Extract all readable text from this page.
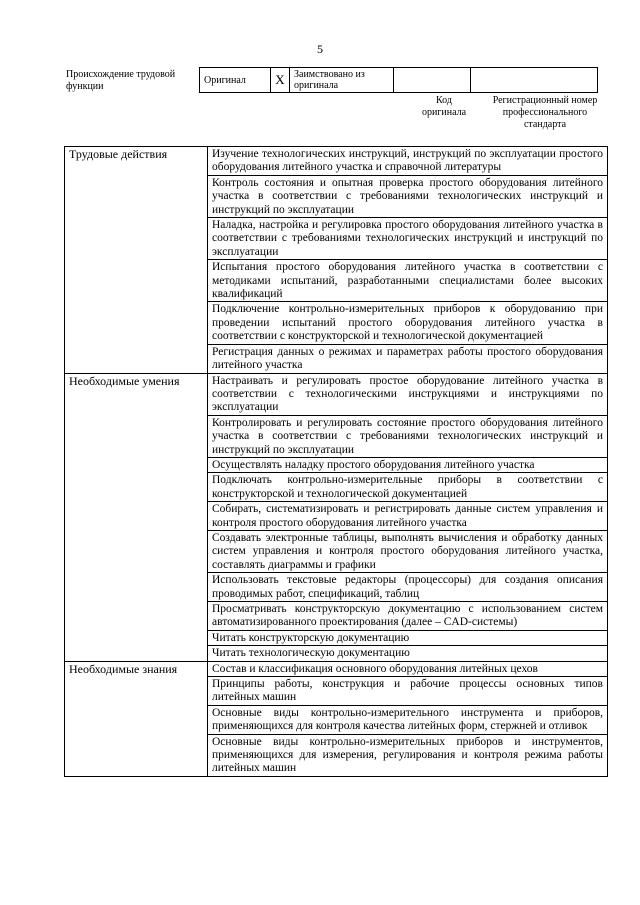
5
Происхождение трудовой функции
Оригинал	X	Заимствовано из оригинала		
Код оригинала
Регистрационный номер профессионального стандарта
Трудовые действия	Изучение технологических инструкций, инструкций по эксплуатации простого оборудования литейного участка и справочной литературы
	Контроль состояния и опытная проверка простого оборудования литейного участка в соответствии с требованиями технологических инструкций и инструкций по эксплуатации
	Наладка, настройка и регулировка простого оборудования литейного участка в соответствии с требованиями технологических инструкций и инструкций по эксплуатации
	Испытания простого оборудования литейного участка в соответствии с методиками испытаний, разработанными специалистами более высоких квалификаций
	Подключение контрольно-измерительных приборов к оборудованию при проведении испытаний простого оборудования литейного участка в соответствии с конструкторской и технологической документацией
	Регистрация данных о режимах и параметрах работы простого оборудования литейного участка
Необходимые умения	Настраивать и регулировать простое оборудование литейного участка в соответствии с технологическими инструкциями и инструкциями по эксплуатации
	Контролировать и регулировать состояние простого оборудования литейного участка в соответствии с требованиями технологических инструкций и инструкций по эксплуатации
	Осуществлять наладку простого оборудования литейного участка
	Подключать контрольно-измерительные приборы в соответствии с конструкторской и технологической документацией
	Собирать, систематизировать и регистрировать данные систем управления и контроля простого оборудования литейного участка
	Создавать электронные таблицы, выполнять вычисления и обработку данных систем управления и контроля простого оборудования литейного участка, составлять диаграммы и графики
	Использовать текстовые редакторы (процессоры) для создания описания проводимых работ, спецификаций, таблиц
	Просматривать конструкторскую документацию с использованием систем автоматизированного проектирования (далее – CAD-системы)
	Читать конструкторскую документацию
	Читать технологическую документацию
Необходимые знания	Состав и классификация основного оборудования литейных цехов
	Принципы работы, конструкция и рабочие процессы основных типов литейных машин
	Основные виды контрольно-измерительного инструмента и приборов, применяющихся для контроля качества литейных форм, стержней и отливок
	Основные виды контрольно-измерительных приборов и инструментов, применяющихся для измерения, регулирования и контроля режима работы литейных машин
